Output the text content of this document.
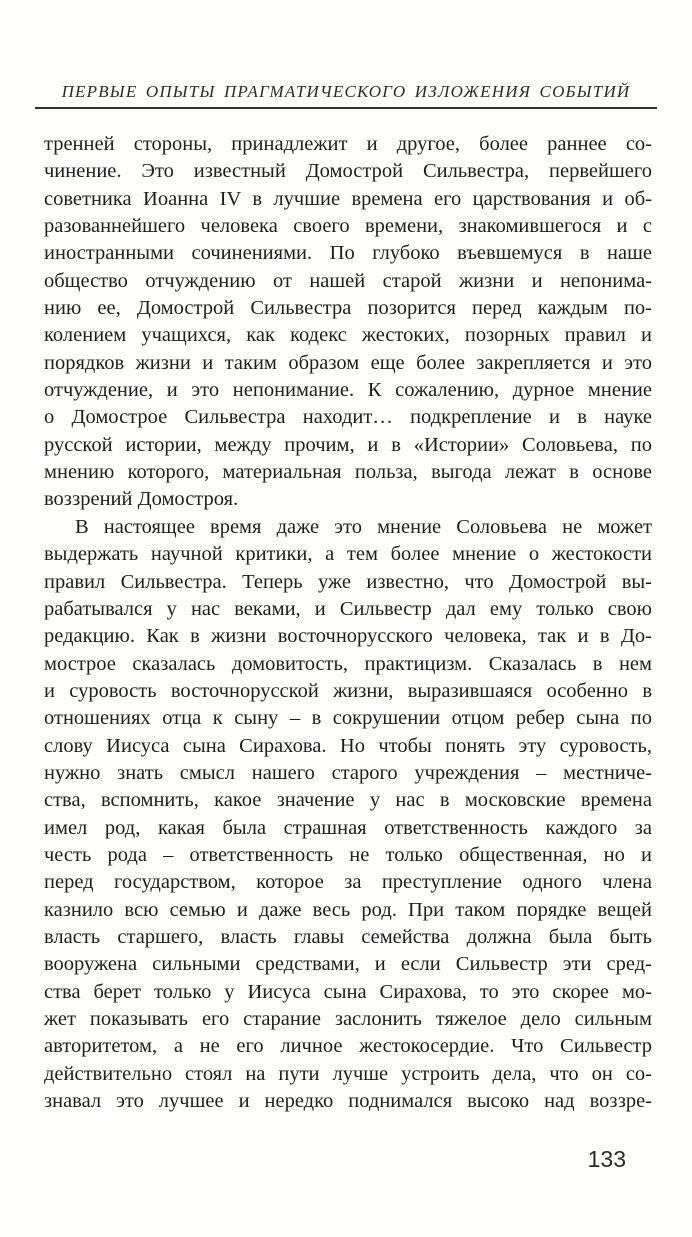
ПЕРВЫЕ ОПЫТЫ ПРАГМАТИЧЕСКОГО ИЗЛОЖЕНИЯ СОБЫТИЙ
тренней стороны, принадлежит и другое, более раннее со-
чинение. Это известный Домострой Сильвестра, первейшего
советника Иоанна IV в лучшие времена его царствования и об-
разованнейшего человека своего времени, знакомившегося и с
иностранными сочинениями. По глубоко въевшемуся в наше
общество отчуждению от нашей старой жизни и непонима-
нию ее, Домострой Сильвестра позорится перед каждым по-
колением учащихся, как кодекс жестоких, позорных правил и
порядков жизни и таким образом еще более закрепляется и это
отчуждение, и это непонимание. К сожалению, дурное мнение
о Домострое Сильвестра находит… подкрепление и в науке
русской истории, между прочим, и в «Истории» Соловьева, по
мнению которого, материальная польза, выгода лежат в основе
воззрений Домостроя.
В настоящее время даже это мнение Соловьева не может
выдержать научной критики, а тем более мнение о жестокости
правил Сильвестра. Теперь уже известно, что Домострой вы-
рабатывался у нас веками, и Сильвестр дал ему только свою
редакцию. Как в жизни восточнорусского человека, так и в До-
мострое сказалась домовитость, практицизм. Сказалась в нем
и суровость восточнорусской жизни, выразившаяся особенно в
отношениях отца к сыну – в сокрушении отцом ребер сына по
слову Иисуса сына Сирахова. Но чтобы понять эту суровость,
нужно знать смысл нашего старого учреждения – местниче-
ства, вспомнить, какое значение у нас в московские времена
имел род, какая была страшная ответственность каждого за
честь рода – ответственность не только общественная, но и
перед государством, которое за преступление одного члена
казнило всю семью и даже весь род. При таком порядке вещей
власть старшего, власть главы семейства должна была быть
вооружена сильными средствами, и если Сильвестр эти сред-
ства берет только у Иисуса сына Сирахова, то это скорее мо-
жет показывать его старание заслонить тяжелое дело сильным
авторитетом, а не его личное жестокосердие. Что Сильвестр
действительно стоял на пути лучше устроить дела, что он со-
знавал это лучшее и нередко поднимался высоко над воззре-
133
